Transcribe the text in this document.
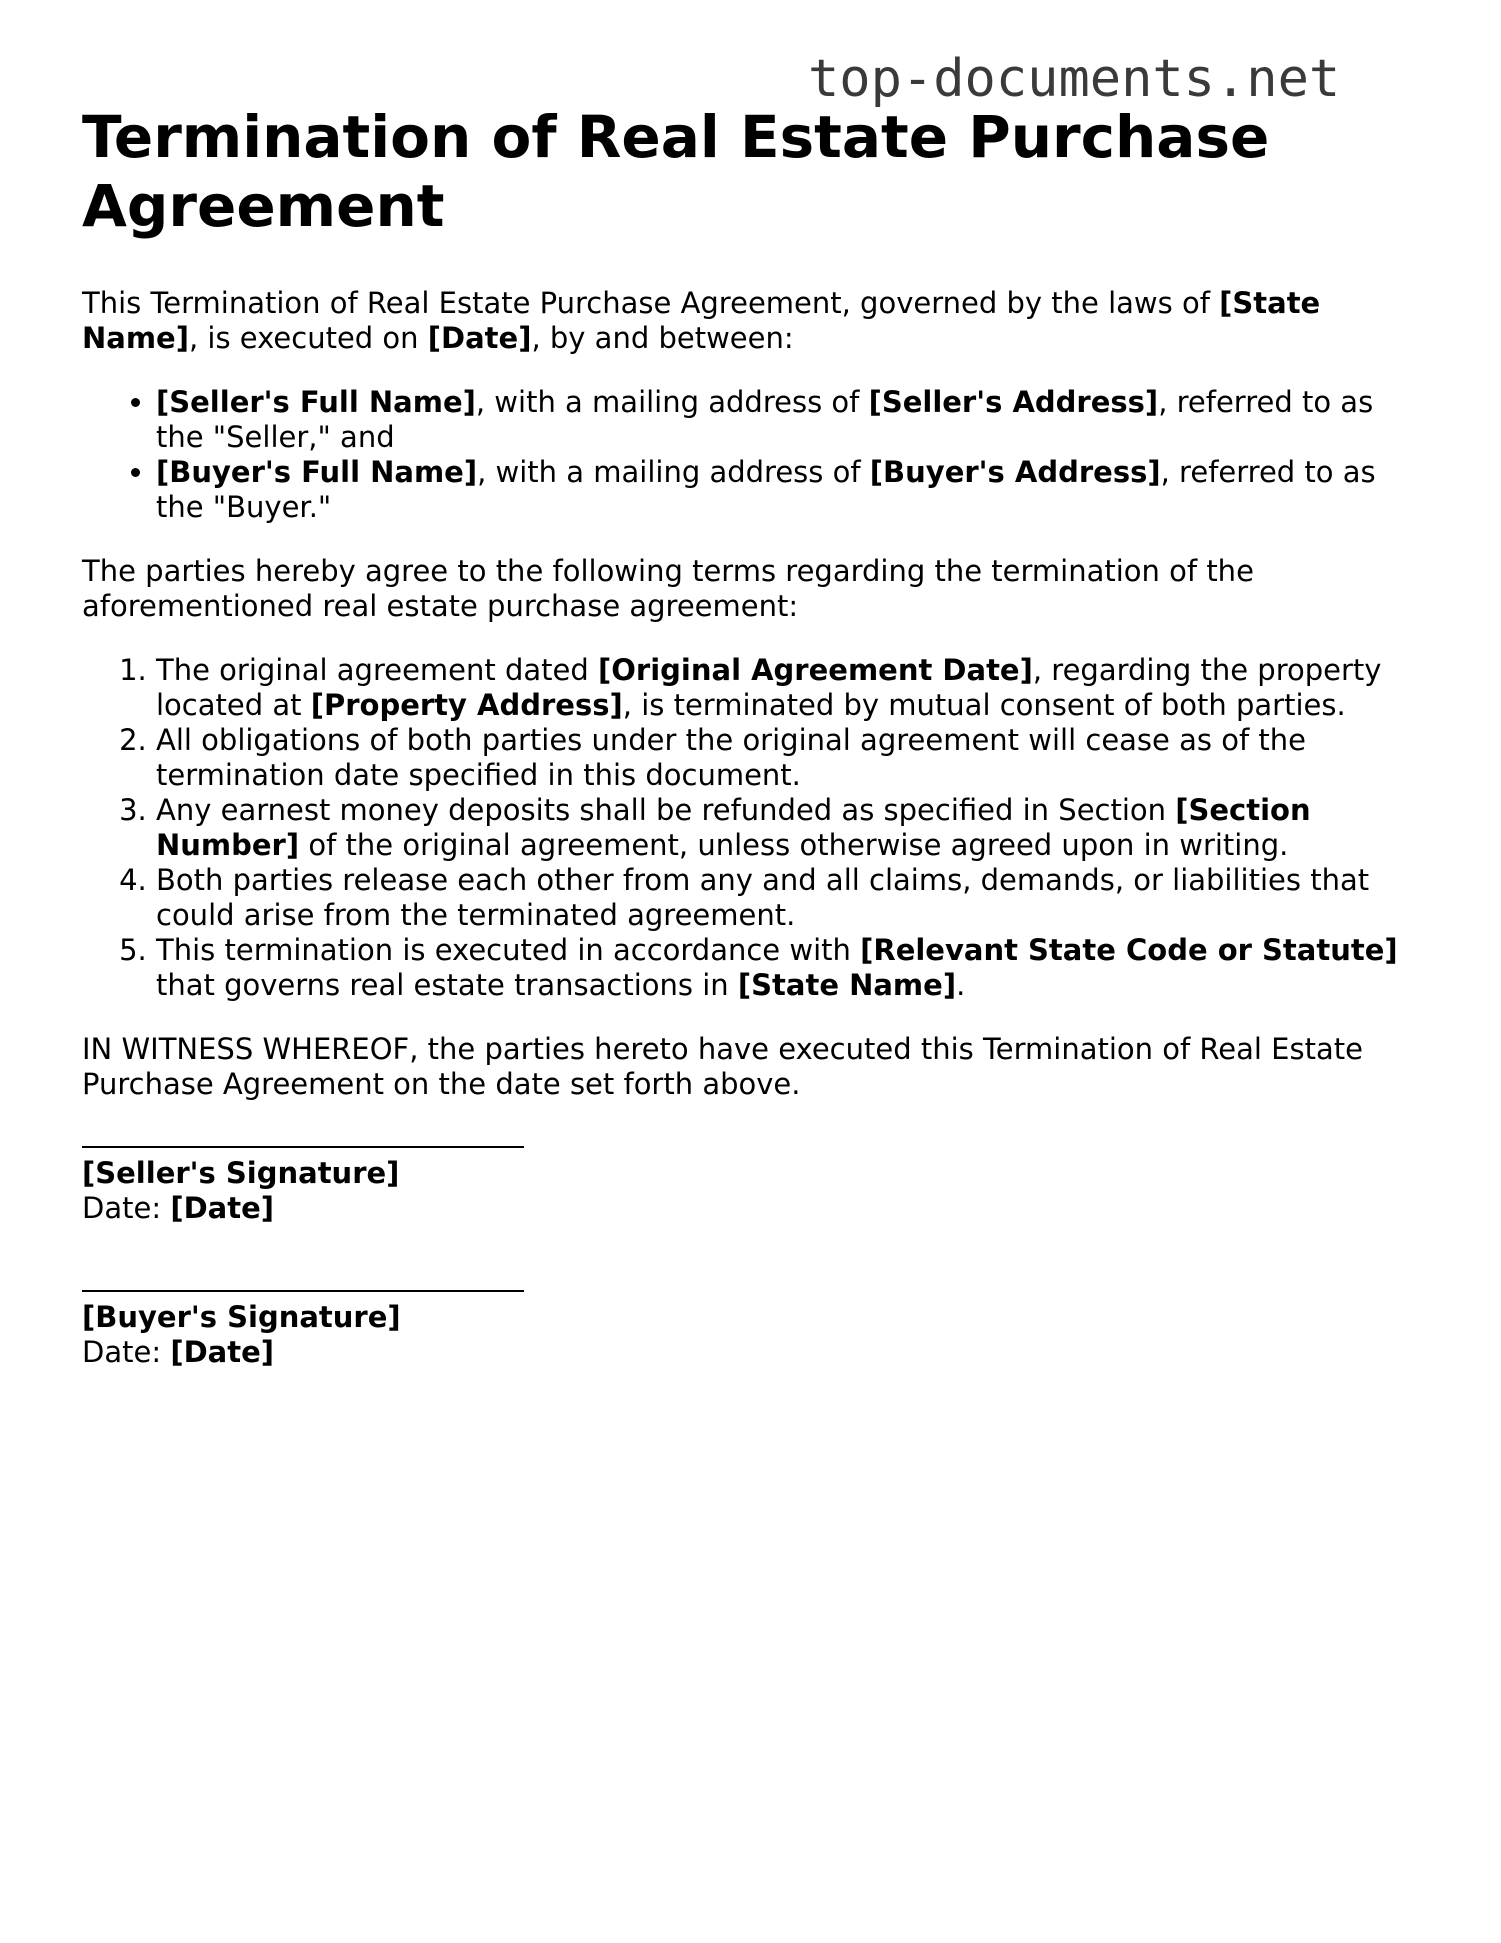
top-documents.net
Termination of Real Estate Purchase Agreement

This Termination of Real Estate Purchase Agreement, governed by the laws of [State Name], is executed on [Date], by and between:

• [Seller's Full Name], with a mailing address of [Seller's Address], referred to as the "Seller," and
• [Buyer's Full Name], with a mailing address of [Buyer's Address], referred to as the "Buyer."

The parties hereby agree to the following terms regarding the termination of the aforementioned real estate purchase agreement:

1. The original agreement dated [Original Agreement Date], regarding the property located at [Property Address], is terminated by mutual consent of both parties.
2. All obligations of both parties under the original agreement will cease as of the termination date specified in this document.
3. Any earnest money deposits shall be refunded as specified in Section [Section Number] of the original agreement, unless otherwise agreed upon in writing.
4. Both parties release each other from any and all claims, demands, or liabilities that could arise from the terminated agreement.
5. This termination is executed in accordance with [Relevant State Code or Statute] that governs real estate transactions in [State Name].

IN WITNESS WHEREOF, the parties hereto have executed this Termination of Real Estate Purchase Agreement on the date set forth above.

[Seller's Signature]
Date: [Date]
[Buyer's Signature]
Date: [Date]
